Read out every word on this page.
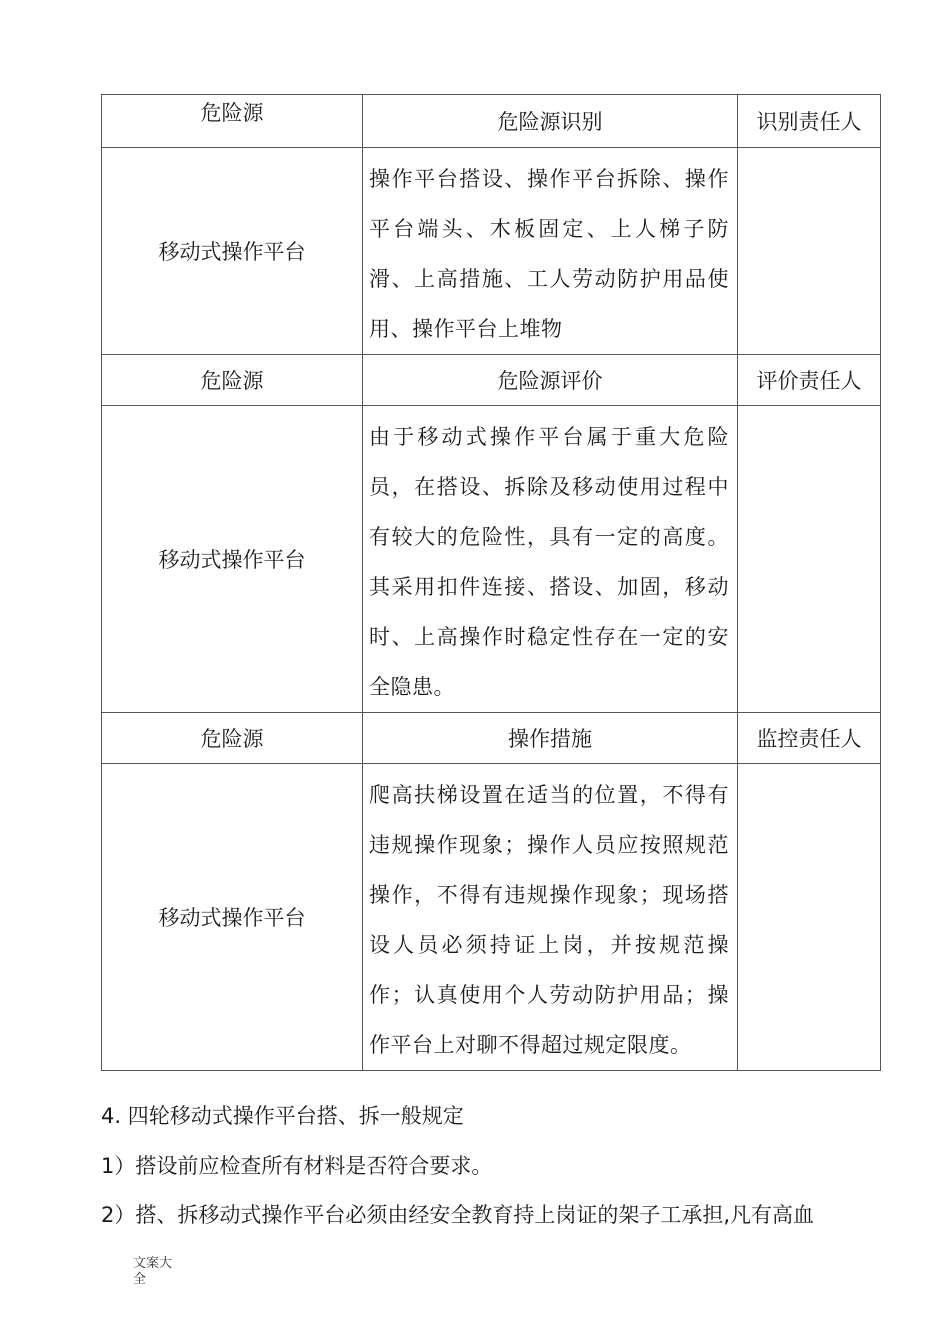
危险源	危险源识别	识别责任人
移动式操作平台	操作平台搭设、操作平台拆除、操作平台端头、木板固定、上人梯子防滑、上高措施、工人劳动防护用品使用、操作平台上堆物	

危险源	危险源评价	评价责任人
移动式操作平台	由于移动式操作平台属于重大危险员，在搭设、拆除及移动使用过程中有较大的危险性，具有一定的高度。其采用扣件连接、搭设、加固，移动时、上高操作时稳定性存在一定的安全隐患。	

危险源	操作措施	监控责任人
移动式操作平台	爬高扶梯设置在适当的位置，不得有违规操作现象；操作人员应按照规范操作，不得有违规操作现象；现场搭设人员必须持证上岗，并按规范操作；认真使用个人劳动防护用品；操作平台上对聊不得超过规定限度。	

4. 四轮移动式操作平台搭、拆一般规定
1）搭设前应检查所有材料是否符合要求。
2）搭、拆移动式操作平台必须由经安全教育持上岗证的架子工承担,凡有高血
文案大全
